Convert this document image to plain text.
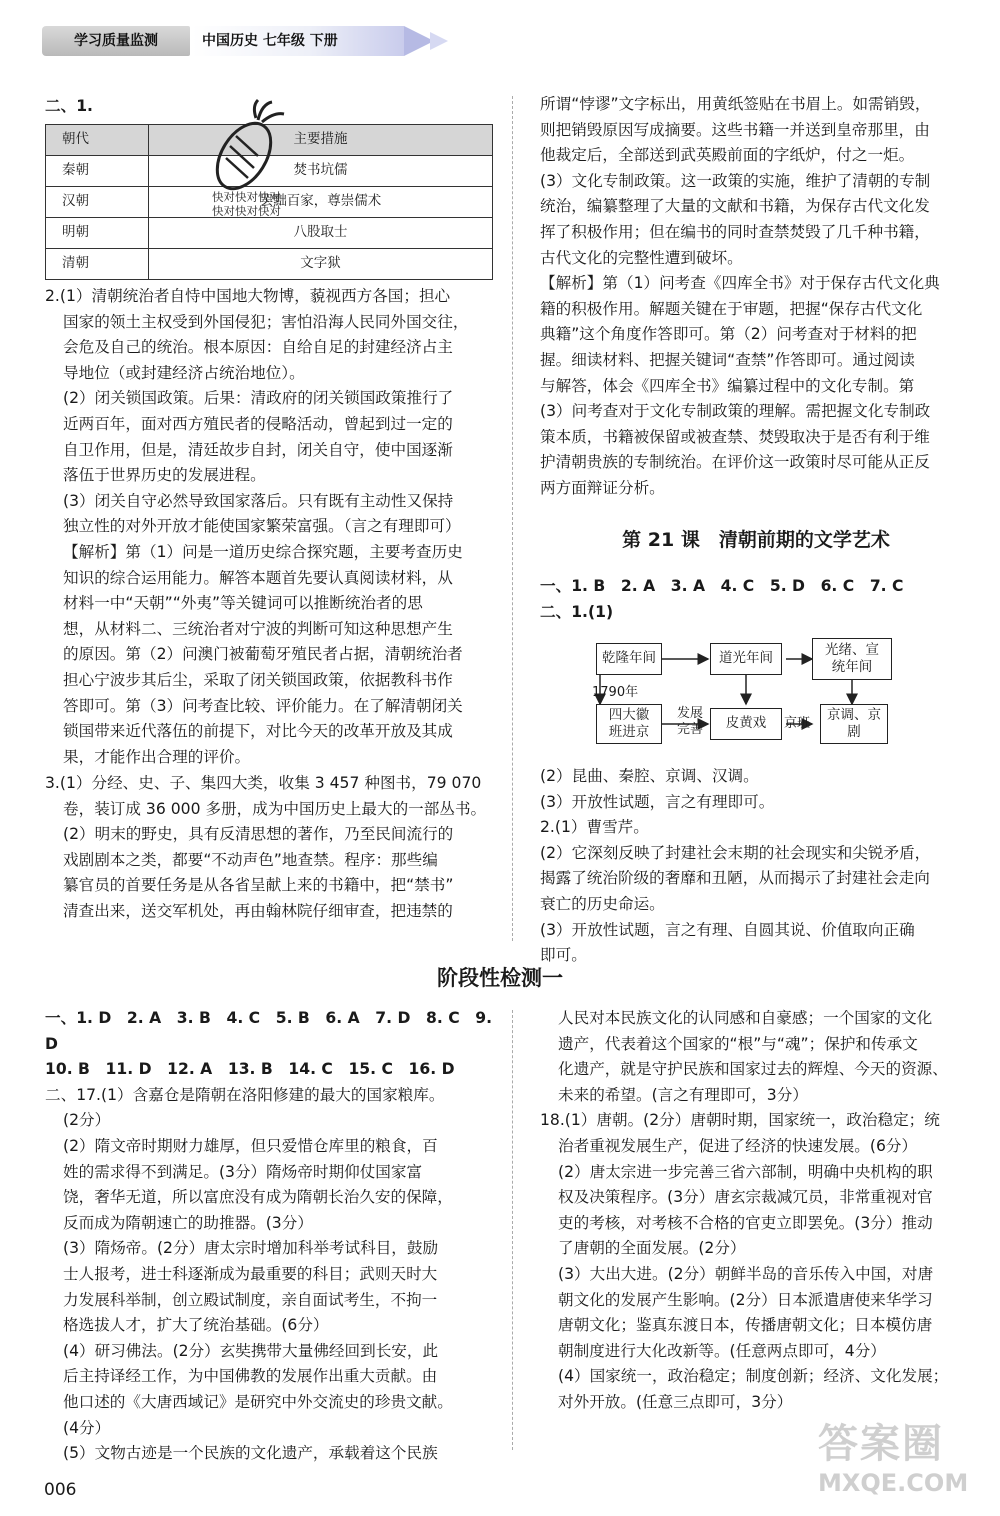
学习质量监测	中国历史 七年级 下册

二、1.

朝代	主要措施
秦朝	焚书坑儒
汉朝	罢黜百家，尊崇儒术
明朝	八股取士
清朝	文字狱
快对快对快对
快对快对快对

2.(1）清朝统治者自恃中国地大物博，藐视西方各国；担心

国家的领土主权受到外国侵犯；害怕沿海人民同外国交往，

会危及自己的统治。根本原因：自给自足的封建经济占主

导地位（或封建经济占统治地位）。

(2）闭关锁国政策。后果：清政府的闭关锁国政策推行了

近两百年，面对西方殖民者的侵略活动，曾起到过一定的

自卫作用，但是，清廷故步自封，闭关自守，使中国逐渐

落伍于世界历史的发展进程。

(3）闭关自守必然导致国家落后。只有既有主动性又保持

独立性的对外开放才能使国家繁荣富强。（言之有理即可）

【解析】第（1）问是一道历史综合探究题，主要考查历史

知识的综合运用能力。解答本题首先要认真阅读材料，从

材料一中“天朝”“外夷”等关键词可以推断统治者的思

想，从材料二、三统治者对宁波的判断可知这种思想产生

的原因。第（2）问澳门被葡萄牙殖民者占据，清朝统治者

担心宁波步其后尘，采取了闭关锁国政策，依据教科书作

答即可。第（3）问考查比较、评价能力。在了解清朝闭关

锁国带来近代落伍的前提下，对比今天的改革开放及其成

果，才能作出合理的评价。

3.(1）分经、史、子、集四大类，收集 3 457 种图书，79 070

卷，装订成 36 000 多册，成为中国历史上最大的一部丛书。

(2）明末的野史，具有反清思想的著作，乃至民间流行的

戏剧剧本之类，都要“不动声色”地查禁。程序：那些编

纂官员的首要任务是从各省呈献上来的书籍中，把“禁书”

清查出来，送交军机处，再由翰林院仔细审查，把违禁的

所谓“悖谬”文字标出，用黄纸签贴在书眉上。如需销毁，

则把销毁原因写成摘要。这些书籍一并送到皇帝那里，由

他裁定后，全部送到武英殿前面的字纸炉，付之一炬。

(3）文化专制政策。这一政策的实施，维护了清朝的专制

统治，编纂整理了大量的文献和书籍，为保存古代文化发

挥了积极作用；但在编书的同时查禁焚毁了几千种书籍，

古代文化的完整性遭到破坏。

【解析】第（1）问考查《四库全书》对于保存古代文化典

籍的积极作用。解题关键在于审题，把握“保存古代文化

典籍”这个角度作答即可。第（2）问考查对于材料的把

握。细读材料、把握关键词“查禁”作答即可。通过阅读

与解答，体会《四库全书》编纂过程中的文化专制。第

(3）问考查对于文化专制政策的理解。需把握文化专制政

策本质，书籍被保留或被查禁、焚毁取决于是否有利于维

护清朝贵族的专制统治。在评价这一政策时尽可能从正反

两方面辩证分析。

第 21 课　清朝前期的文学艺术

一、1. B　2. A　3. A　4. C　5. D　6. C　7. C

二、1.(1)

乾隆年间	道光年间	光绪、宣统年间
1790年
四大徽班进京
发展完善	皮黄戏	京班
京调、京剧

(2）昆曲、秦腔、京调、汉调。

(3）开放性试题，言之有理即可。

2.(1）曹雪芹。

(2）它深刻反映了封建社会末期的社会现实和尖锐矛盾，

揭露了统治阶级的奢靡和丑陋，从而揭示了封建社会走向

衰亡的历史命运。

(3）开放性试题，言之有理、自圆其说、价值取向正确

即可。

阶段性检测一

一、1. D　2. A　3. B　4. C　5. B　6. A　7. D　8. C　9. D

10. B　11. D　12. A　13. B　14. C　15. C　16. D

二、17.(1）含嘉仓是隋朝在洛阳修建的最大的国家粮库。

(2分）

(2）隋文帝时期财力雄厚，但只爱惜仓库里的粮食，百

姓的需求得不到满足。(3分）隋炀帝时期仰仗国家富

饶，奢华无道，所以富庶没有成为隋朝长治久安的保障，

反而成为隋朝速亡的助推器。(3分）

(3）隋炀帝。(2分）唐太宗时增加科举考试科目，鼓励

士人报考，进士科逐渐成为最重要的科目；武则天时大

力发展科举制，创立殿试制度，亲自面试考生，不拘一

格选拔人才，扩大了统治基础。(6分）

(4）研习佛法。(2分）玄奘携带大量佛经回到长安，此

后主持译经工作，为中国佛教的发展作出重大贡献。由

他口述的《大唐西域记》是研究中外交流史的珍贵文献。

(4分）

(5）文物古迹是一个民族的文化遗产，承载着这个民族

人民对本民族文化的认同感和自豪感；一个国家的文化

遗产，代表着这个国家的“根”与“魂”；保护和传承文

化遗产，就是守护民族和国家过去的辉煌、今天的资源、

未来的希望。(言之有理即可，3分）

18.(1）唐朝。(2分）唐朝时期，国家统一，政治稳定；统

治者重视发展生产，促进了经济的快速发展。(6分）

(2）唐太宗进一步完善三省六部制，明确中央机构的职

权及决策程序。(3分）唐玄宗裁减冗员，非常重视对官

吏的考核，对考核不合格的官吏立即罢免。(3分）推动

了唐朝的全面发展。(2分）

(3）大出大进。(2分）朝鲜半岛的音乐传入中国，对唐

朝文化的发展产生影响。(2分）日本派遣唐使来华学习

唐朝文化；鉴真东渡日本，传播唐朝文化；日本模仿唐

朝制度进行大化改新等。(任意两点即可，4分）

(4）国家统一，政治稳定；制度创新；经济、文化发展；

对外开放。(任意三点即可，3分）

006
答案圈
MXQE.COM
